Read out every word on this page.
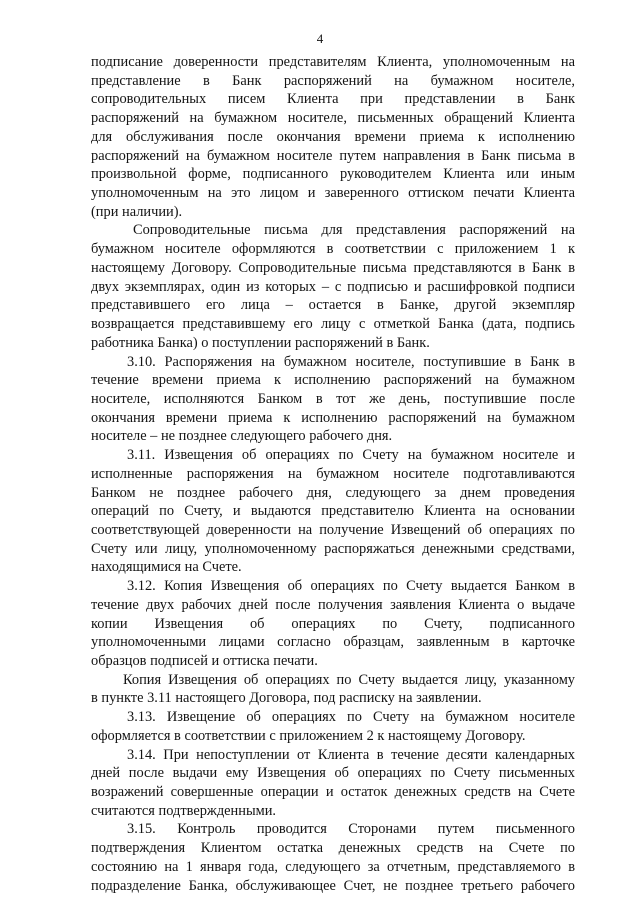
4
подписание доверенности представителям Клиента, уполномоченным на
представление в Банк распоряжений на бумажном носителе,
сопроводительных писем Клиента при представлении в Банк
распоряжений на бумажном носителе, письменных обращений Клиента
для обслуживания после окончания времени приема к исполнению
распоряжений на бумажном носителе путем направления в Банк письма в
произвольной форме, подписанного руководителем Клиента или иным
уполномоченным на это лицом и заверенного оттиском печати Клиента
(при наличии).
Сопроводительные письма для представления распоряжений на
бумажном носителе оформляются в соответствии с приложением 1 к
настоящему Договору. Сопроводительные письма представляются в Банк в
двух экземплярах, один из которых – с подписью и расшифровкой подписи
представившего его лица – остается в Банке, другой экземпляр
возвращается представившему его лицу с отметкой Банка (дата, подпись
работника Банка) о поступлении распоряжений в Банк.
3.10. Распоряжения на бумажном носителе, поступившие в Банк в
течение времени приема к исполнению распоряжений на бумажном
носителе, исполняются Банком в тот же день, поступившие после
окончания времени приема к исполнению распоряжений на бумажном
носителе – не позднее следующего рабочего дня.
3.11. Извещения об операциях по Счету на бумажном носителе и
исполненные распоряжения на бумажном носителе подготавливаются
Банком не позднее рабочего дня, следующего за днем проведения
операций по Счету, и выдаются представителю Клиента на основании
соответствующей доверенности на получение Извещений об операциях по
Счету или лицу, уполномоченному распоряжаться денежными средствами,
находящимися на Счете.
3.12. Копия Извещения об операциях по Счету выдается Банком в
течение двух рабочих дней после получения заявления Клиента о выдаче
копии Извещения об операциях по Счету, подписанного
уполномоченными лицами согласно образцам, заявленным в карточке
образцов подписей и оттиска печати.
Копия Извещения об операциях по Счету выдается лицу, указанному
в пункте 3.11 настоящего Договора, под расписку на заявлении.
3.13. Извещение об операциях по Счету на бумажном носителе
оформляется в соответствии с приложением 2 к настоящему Договору.
3.14. При непоступлении от Клиента в течение десяти календарных
дней после выдачи ему Извещения об операциях по Счету письменных
возражений совершенные операции и остаток денежных средств на Счете
считаются подтвержденными.
3.15. Контроль проводится Сторонами путем письменного
подтверждения Клиентом остатка денежных средств на Счете по
состоянию на 1 января года, следующего за отчетным, представляемого в
подразделение Банка, обслуживающее Счет, не позднее третьего рабочего
